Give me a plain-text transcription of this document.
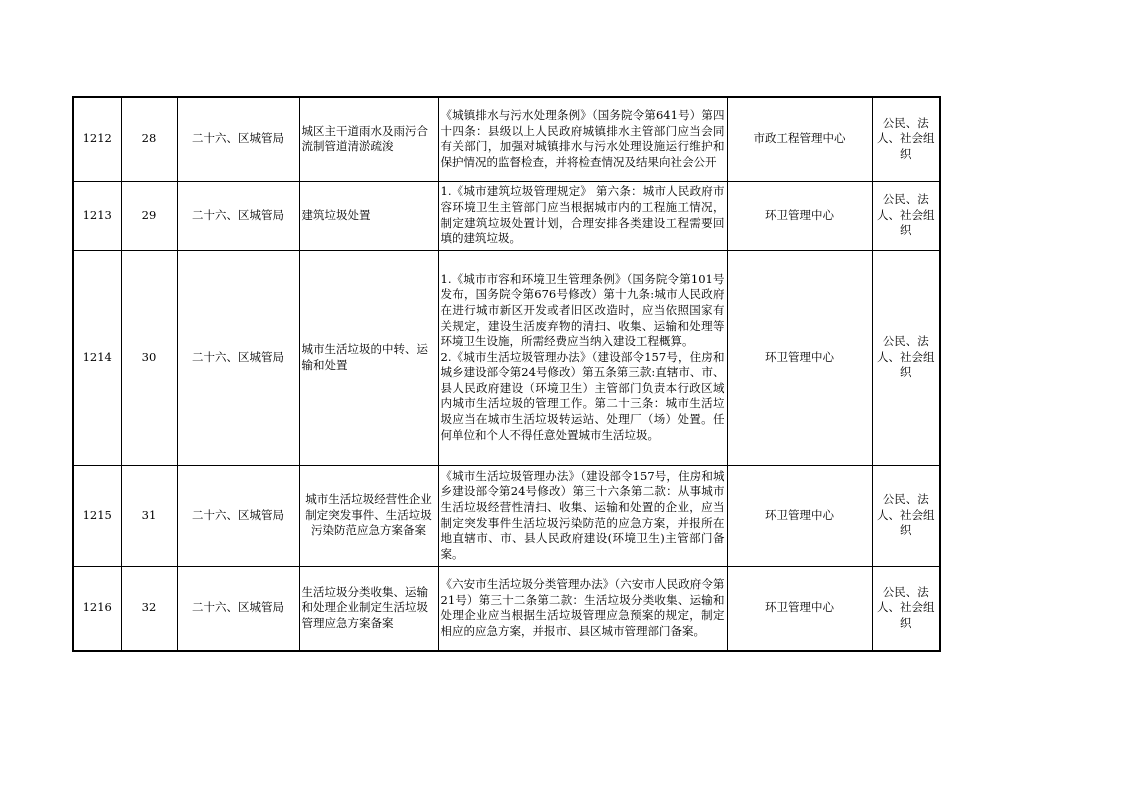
1212	28	二十六、区城管局	城区主干道雨水及雨污合流制管道清淤疏浚	《城镇排水与污水处理条例》（国务院令第641号）第四十四条：县级以上人民政府城镇排水主管部门应当会同有关部门，加强对城镇排水与污水处理设施运行维护和保护情况的监督检查，并将检查情况及结果向社会公开	市政工程管理中心	公民、法人、社会组织
1213	29	二十六、区城管局	建筑垃圾处置	1.《城市建筑垃圾管理规定》 第六条：城市人民政府市容环境卫生主管部门应当根据城市内的工程施工情况，制定建筑垃圾处置计划，合理安排各类建设工程需要回填的建筑垃圾。	环卫管理中心	公民、法人、社会组织
1214	30	二十六、区城管局	城市生活垃圾的中转、运输和处置	1.《城市市容和环境卫生管理条例》（国务院令第101号发布，国务院令第676号修改）第十九条:城市人民政府在进行城市新区开发或者旧区改造时，应当依照国家有关规定，建设生活废弃物的清扫、收集、运输和处理等环境卫生设施，所需经费应当纳入建设工程概算。
2.《城市生活垃圾管理办法》（建设部令157号，住房和城乡建设部令第24号修改）第五条第三款:直辖市、市、县人民政府建设（环境卫生）主管部门负责本行政区域内城市生活垃圾的管理工作。第二十三条：城市生活垃圾应当在城市生活垃圾转运站、处理厂（场）处置。任何单位和个人不得任意处置城市生活垃圾。	环卫管理中心	公民、法人、社会组织
1215	31	二十六、区城管局	城市生活垃圾经营性企业制定突发事件、生活垃圾污染防范应急方案备案	《城市生活垃圾管理办法》（建设部令157号，住房和城乡建设部令第24号修改）第三十六条第二款：从事城市生活垃圾经营性清扫、收集、运输和处置的企业，应当制定突发事件生活垃圾污染防范的应急方案，并报所在地直辖市、市、县人民政府建设(环境卫生)主管部门备案。	环卫管理中心	公民、法人、社会组织
1216	32	二十六、区城管局	生活垃圾分类收集、运输和处理企业制定生活垃圾管理应急方案备案	《六安市生活垃圾分类管理办法》（六安市人民政府令第21号）第三十二条第二款：生活垃圾分类收集、运输和处理企业应当根据生活垃圾管理应急预案的规定，制定相应的应急方案，并报市、县区城市管理部门备案。	环卫管理中心	公民、法人、社会组织
